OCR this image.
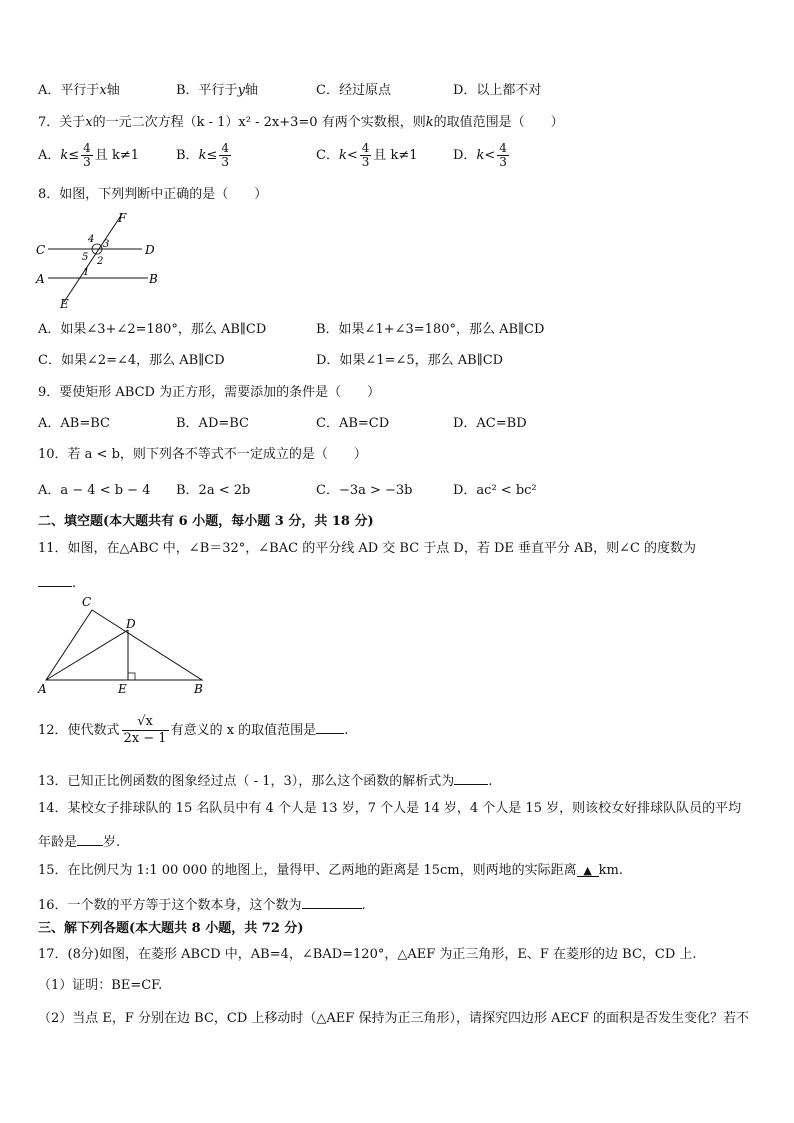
A．平行于x轴	B．平行于y轴	C．经过原点	D．以上都不对
7．关于x的一元二次方程（k - 1）x² - 2x+3=0 有两个实数根，则k的取值范围是（　　）
A．$k\le \frac{4}{3}$ 且 k≠1	B．$k\le \frac{4}{3}$	C．$k< \frac{4}{3}$ 且 k≠1	D．$k< \frac{4}{3}$
8．如图，下列判断中正确的是（　　）
F
C	D
A	B
E
4 3
5 2
1
A．如果∠3+∠2=180°，那么 AB∥CD	B．如果∠1+∠3=180°，那么 AB∥CD
C．如果∠2=∠4，那么 AB∥CD	D．如果∠1=∠5，那么 AB∥CD
9．要使矩形 ABCD 为正方形，需要添加的条件是（　　）
A．AB=BC	B．AD=BC	C．AB=CD	D．AC=BD
10．若 a < b，则下列各不等式不一定成立的是（　　）
A．a − 4 < b − 4 B．2a < 2b	C．−3a > −3b	D．ac² < bc²
二、填空题(本大题共有 6 小题，每小题 3 分，共 18 分)
11．如图，在△ABC 中，∠B＝32°，∠BAC 的平分线 AD 交 BC 于点 D，若 DE 垂直平分 AB，则∠C 的度数为
.
C
D
A	E	B
12．使代数式 $\frac{√x}{2x - 1}$ 有意义的 x 的取值范围是 .
13．已知正比例函数的图象经过点（ - 1，3），那么这个函数的解析式为	.
14．某校女子排球队的 15 名队员中有 4 个人是 13 岁，7 个人是 14 岁，4 个人是 15 岁，则该校女好排球队队员的平均
年龄是 岁.
15．在比例尺为 1:1 00 000 的地图上，量得甲、乙两地的距离是 15cm，则两地的实际距离 ▲ km.
16．一个数的平方等于这个数本身，这个数为	.
三、解下列各题(本大题共 8 小题，共 72 分)
17．(8分)如图，在菱形 ABCD 中，AB=4，∠BAD=120°，△AEF 为正三角形，E、F 在菱形的边 BC，CD 上.
（1）证明：BE=CF.
（2）当点 E，F 分别在边 BC，CD 上移动时（△AEF 保持为正三角形），请探究四边形 AECF 的面积是否发生变化？若不
